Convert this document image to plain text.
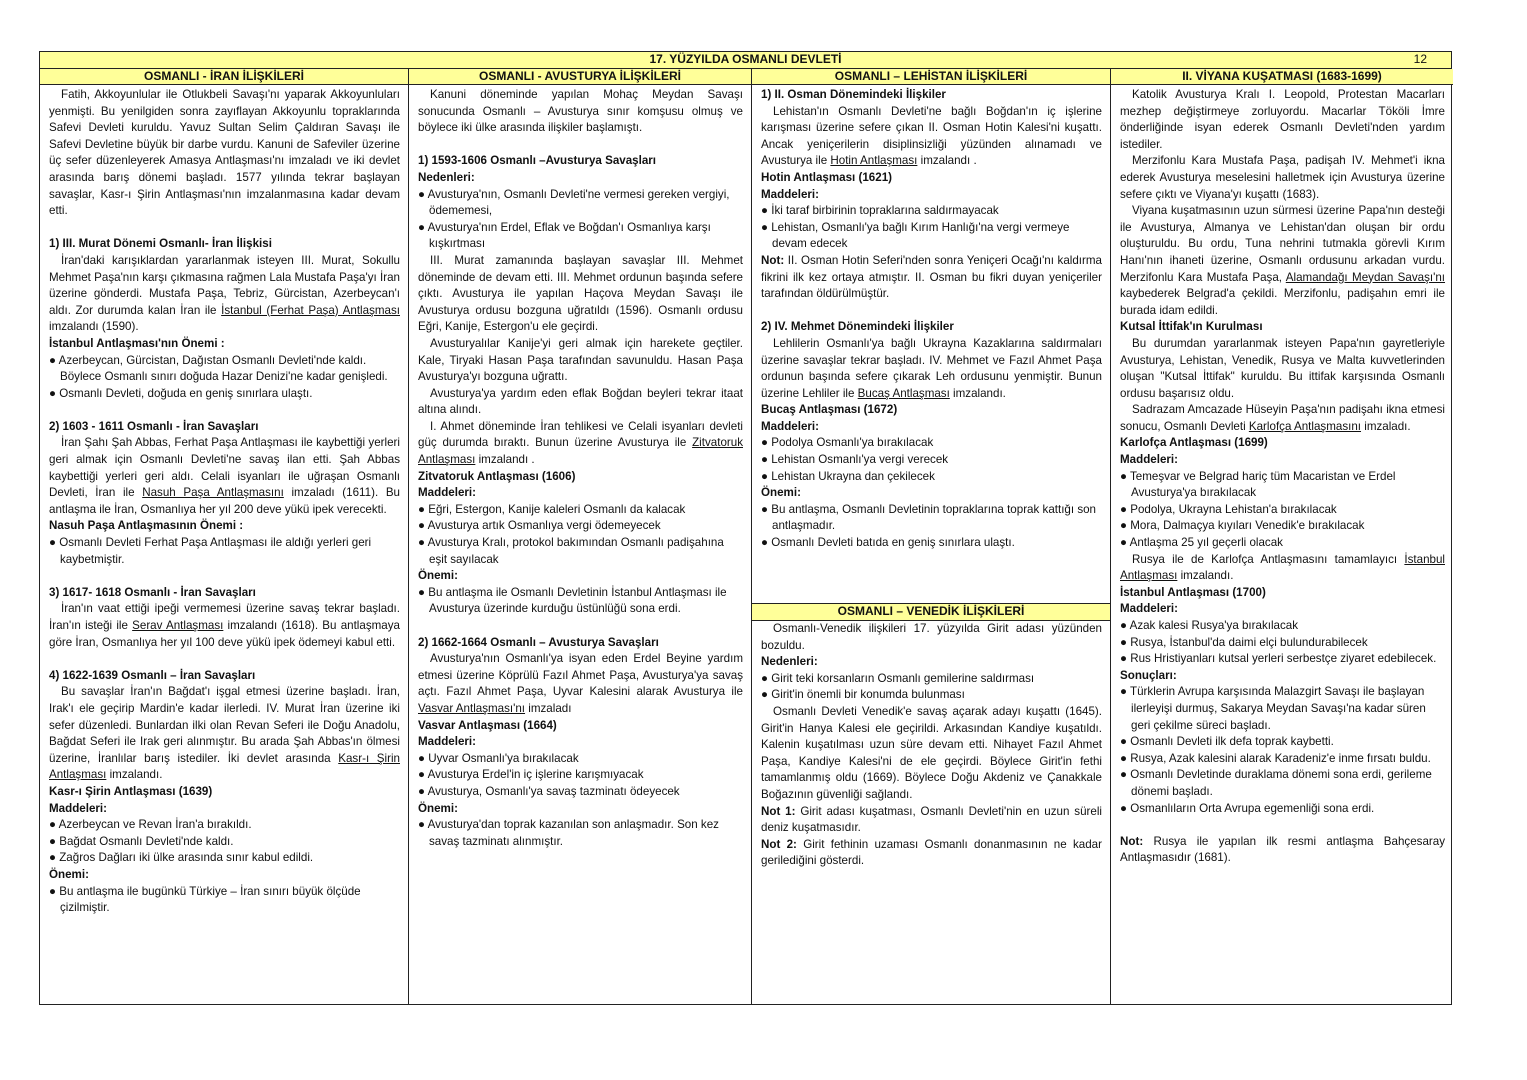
17. YÜZYILDA OSMANLI DEVLETİ	12
OSMANLI - İRAN İLİŞKİLERİ

Fatih, Akkoyunlular ile Otlukbeli Savaşı'nı yaparak Akkoyunluları yenmişti. Bu yenilgiden sonra zayıflayan Akkoyunlu topraklarında Safevi Devleti kuruldu. Yavuz Sultan Selim Çaldıran Savaşı ile Safevi Devletine büyük bir darbe vurdu. Kanuni de Safeviler üzerine üç sefer düzenleyerek Amasya Antlaşması'nı imzaladı ve iki devlet arasında barış dönemi başladı. 1577 yılında tekrar başlayan savaşlar, Kasr-ı Şirin Antlaşması'nın imzalanmasına kadar devam etti.

1) III. Murat Dönemi Osmanlı- İran İlişkisi

İran'daki karışıklardan yararlanmak isteyen III. Murat, Sokullu Mehmet Paşa'nın karşı çıkmasına rağmen Lala Mustafa Paşa'yı İran üzerine gönderdi. Mustafa Paşa, Tebriz, Gürcistan, Azerbeycan'ı aldı. Zor durumda kalan İran ile İstanbul (Ferhat Paşa) Antlaşması imzalandı (1590).

İstanbul Antlaşması'nın Önemi :

● Azerbeycan, Gürcistan, Dağıstan Osmanlı Devleti'nde kaldı. Böylece Osmanlı sınırı doğuda Hazar Denizi'ne kadar genişledi.

● Osmanlı Devleti, doğuda en geniş sınırlara ulaştı.

2) 1603 - 1611 Osmanlı - İran Savaşları

İran Şahı Şah Abbas, Ferhat Paşa Antlaşması ile kaybettiği yerleri geri almak için Osmanlı Devleti'ne savaş ilan etti. Şah Abbas kaybettiği yerleri geri aldı. Celali isyanları ile uğraşan Osmanlı Devleti, İran ile Nasuh Paşa Antlaşmasını imzaladı (1611). Bu antlaşma ile İran, Osmanlıya her yıl 200 deve yükü ipek verecekti.

Nasuh Paşa Antlaşmasının Önemi :

● Osmanlı Devleti Ferhat Paşa Antlaşması ile aldığı yerleri geri kaybetmiştir.

3) 1617- 1618 Osmanlı - İran Savaşları

İran'ın vaat ettiği ipeği vermemesi üzerine savaş tekrar başladı. İran'ın isteği ile Serav Antlaşması imzalandı (1618). Bu antlaşmaya göre İran, Osmanlıya her yıl 100 deve yükü ipek ödemeyi kabul etti.

4) 1622-1639 Osmanlı – İran Savaşları

Bu savaşlar İran'ın Bağdat'ı işgal etmesi üzerine başladı. İran, Irak'ı ele geçirip Mardin'e kadar ilerledi. IV. Murat İran üzerine iki sefer düzenledi. Bunlardan ilki olan Revan Seferi ile Doğu Anadolu, Bağdat Seferi ile Irak geri alınmıştır. Bu arada Şah Abbas'ın ölmesi üzerine, İranlılar barış istediler. İki devlet arasında Kasr-ı Şirin Antlaşması imzalandı.

Kasr-ı Şirin Antlaşması (1639)

Maddeleri:

● Azerbeycan ve Revan İran'a bırakıldı.

● Bağdat Osmanlı Devleti'nde kaldı.

● Zağros Dağları iki ülke arasında sınır kabul edildi.

Önemi:

● Bu antlaşma ile bugünkü Türkiye – İran sınırı büyük ölçüde çizilmiştir.

OSMANLI - AVUSTURYA İLİŞKİLERİ

Kanuni döneminde yapılan Mohaç Meydan Savaşı sonucunda Osmanlı – Avusturya sınır komşusu olmuş ve böylece iki ülke arasında ilişkiler başlamıştı.

1) 1593-1606 Osmanlı –Avusturya Savaşları

Nedenleri:

● Avusturya'nın, Osmanlı Devleti'ne vermesi gereken vergiyi, ödememesi,

● Avusturya'nın Erdel, Eflak ve Boğdan'ı Osmanlıya karşı kışkırtması

III. Murat zamanında başlayan savaşlar III. Mehmet döneminde de devam etti. III. Mehmet ordunun başında sefere çıktı. Avusturya ile yapılan Haçova Meydan Savaşı ile Avusturya ordusu bozguna uğratıldı (1596). Osmanlı ordusu Eğri, Kanije, Estergon'u ele geçirdi.

Avusturyalılar Kanije'yi geri almak için harekete geçtiler. Kale, Tiryaki Hasan Paşa tarafından savunuldu. Hasan Paşa Avusturya'yı bozguna uğrattı.

Avusturya'ya yardım eden eflak Boğdan beyleri tekrar itaat altına alındı.

I. Ahmet döneminde İran tehlikesi ve Celali isyanları devleti güç durumda bıraktı. Bunun üzerine Avusturya ile Zitvatoruk Antlaşması imzalandı .

Zitvatoruk Antlaşması (1606)

Maddeleri:

● Eğri, Estergon, Kanije kaleleri Osmanlı da kalacak

● Avusturya artık Osmanlıya vergi ödemeyecek

● Avusturya Kralı, protokol bakımından Osmanlı padişahına eşit sayılacak

Önemi:

● Bu antlaşma ile Osmanlı Devletinin İstanbul Antlaşması ile Avusturya üzerinde kurduğu üstünlüğü sona erdi.

2) 1662-1664 Osmanlı – Avusturya Savaşları

Avusturya'nın Osmanlı'ya isyan eden Erdel Beyine yardım etmesi üzerine Köprülü Fazıl Ahmet Paşa, Avusturya'ya savaş açtı. Fazıl Ahmet Paşa, Uyvar Kalesini alarak Avusturya ile Vasvar Antlaşması'nı imzaladı

Vasvar Antlaşması (1664)

Maddeleri:

● Uyvar Osmanlı'ya bırakılacak

● Avusturya Erdel'in iç işlerine karışmıyacak

● Avusturya, Osmanlı'ya savaş tazminatı ödeyecek

Önemi:

● Avusturya'dan toprak kazanılan son anlaşmadır. Son kez savaş tazminatı alınmıştır.

OSMANLI – LEHİSTAN İLİŞKİLERİ

1) II. Osman Dönemindeki İlişkiler

Lehistan'ın Osmanlı Devleti'ne bağlı Boğdan'ın iç işlerine karışması üzerine sefere çıkan II. Osman Hotin Kalesi'ni kuşattı. Ancak yeniçerilerin disiplinsizliği yüzünden alınamadı ve Avusturya ile Hotin Antlaşması imzalandı .

Hotin Antlaşması (1621)

Maddeleri:

● İki taraf birbirinin topraklarına saldırmayacak

● Lehistan, Osmanlı'ya bağlı Kırım Hanlığı'na vergi vermeye devam edecek

Not: II. Osman Hotin Seferi'nden sonra Yeniçeri Ocağı'nı kaldırma fikrini ilk kez ortaya atmıştır. II. Osman bu fikri duyan yeniçeriler tarafından öldürülmüştür.

2) IV. Mehmet Dönemindeki İlişkiler

Lehlilerin Osmanlı'ya bağlı Ukrayna Kazaklarına saldırmaları üzerine savaşlar tekrar başladı. IV. Mehmet ve Fazıl Ahmet Paşa ordunun başında sefere çıkarak Leh ordusunu yenmiştir. Bunun üzerine Lehliler ile Bucaş Antlaşması imzalandı.

Bucaş Antlaşması (1672)

Maddeleri:

● Podolya Osmanlı'ya bırakılacak

● Lehistan Osmanlı'ya vergi verecek

● Lehistan Ukrayna dan çekilecek

Önemi:

● Bu antlaşma, Osmanlı Devletinin topraklarına toprak kattığı son antlaşmadır.

● Osmanlı Devleti batıda en geniş sınırlara ulaştı.

OSMANLI – VENEDİK İLİŞKİLERİ

Osmanlı-Venedik ilişkileri 17. yüzyılda Girit adası yüzünden bozuldu.

Nedenleri:

● Girit teki korsanların Osmanlı gemilerine saldırması

● Girit'in önemli bir konumda bulunması

Osmanlı Devleti Venedik'e savaş açarak adayı kuşattı (1645). Girit'in Hanya Kalesi ele geçirildi. Arkasından Kandiye kuşatıldı. Kalenin kuşatılması uzun süre devam etti. Nihayet Fazıl Ahmet Paşa, Kandiye Kalesi'ni de ele geçirdi. Böylece Girit'in fethi tamamlanmış oldu (1669). Böylece Doğu Akdeniz ve Çanakkale Boğazının güvenliği sağlandı.

Not 1: Girit adası kuşatması, Osmanlı Devleti'nin en uzun süreli deniz kuşatmasıdır.

Not 2: Girit fethinin uzaması Osmanlı donanmasının ne kadar gerilediğini gösterdi.

II. VİYANA KUŞATMASI (1683-1699)

Katolik Avusturya Kralı I. Leopold, Protestan Macarları mezhep değiştirmeye zorluyordu. Macarlar Tököli İmre önderliğinde isyan ederek Osmanlı Devleti'nden yardım istediler.

Merzifonlu Kara Mustafa Paşa, padişah IV. Mehmet'i ikna ederek Avusturya meselesini halletmek için Avusturya üzerine sefere çıktı ve Viyana'yı kuşattı (1683).

Viyana kuşatmasının uzun sürmesi üzerine Papa'nın desteği ile Avusturya, Almanya ve Lehistan'dan oluşan bir ordu oluşturuldu. Bu ordu, Tuna nehrini tutmakla görevli Kırım Hanı'nın ihaneti üzerine, Osmanlı ordusunu arkadan vurdu. Merzifonlu Kara Mustafa Paşa, Alamandağı Meydan Savaşı'nı kaybederek Belgrad'a çekildi. Merzifonlu, padişahın emri ile burada idam edildi.

Kutsal İttifak'ın Kurulması

Bu durumdan yararlanmak isteyen Papa'nın gayretleriyle Avusturya, Lehistan, Venedik, Rusya ve Malta kuvvetlerinden oluşan "Kutsal İttifak" kuruldu. Bu ittifak karşısında Osmanlı ordusu başarısız oldu.

Sadrazam Amcazade Hüseyin Paşa'nın padişahı ikna etmesi sonucu, Osmanlı Devleti Karlofça Antlaşmasını imzaladı.

Karlofça Antlaşması (1699)

Maddeleri:

● Temeşvar ve Belgrad hariç tüm Macaristan ve Erdel Avusturya'ya bırakılacak

● Podolya, Ukrayna Lehistan'a bırakılacak

● Mora, Dalmaçya kıyıları Venedik'e bırakılacak

● Antlaşma 25 yıl geçerli olacak

Rusya ile de Karlofça Antlaşmasını tamamlayıcı İstanbul Antlaşması imzalandı.

İstanbul Antlaşması (1700)

Maddeleri:

● Azak kalesi Rusya'ya bırakılacak

● Rusya, İstanbul'da daimi elçi bulundurabilecek

● Rus Hristiyanları kutsal yerleri serbestçe ziyaret edebilecek.

Sonuçları:

● Türklerin Avrupa karşısında Malazgirt Savaşı ile başlayan ilerleyişi durmuş, Sakarya Meydan Savaşı'na kadar süren geri çekilme süreci başladı.

● Osmanlı Devleti ilk defa toprak kaybetti.

● Rusya, Azak kalesini alarak Karadeniz'e inme fırsatı buldu.

● Osmanlı Devletinde duraklama dönemi sona erdi, gerileme dönemi başladı.

● Osmanlıların Orta Avrupa egemenliği sona erdi.

Not: Rusya ile yapılan ilk resmi antlaşma Bahçesaray Antlaşmasıdır (1681).
